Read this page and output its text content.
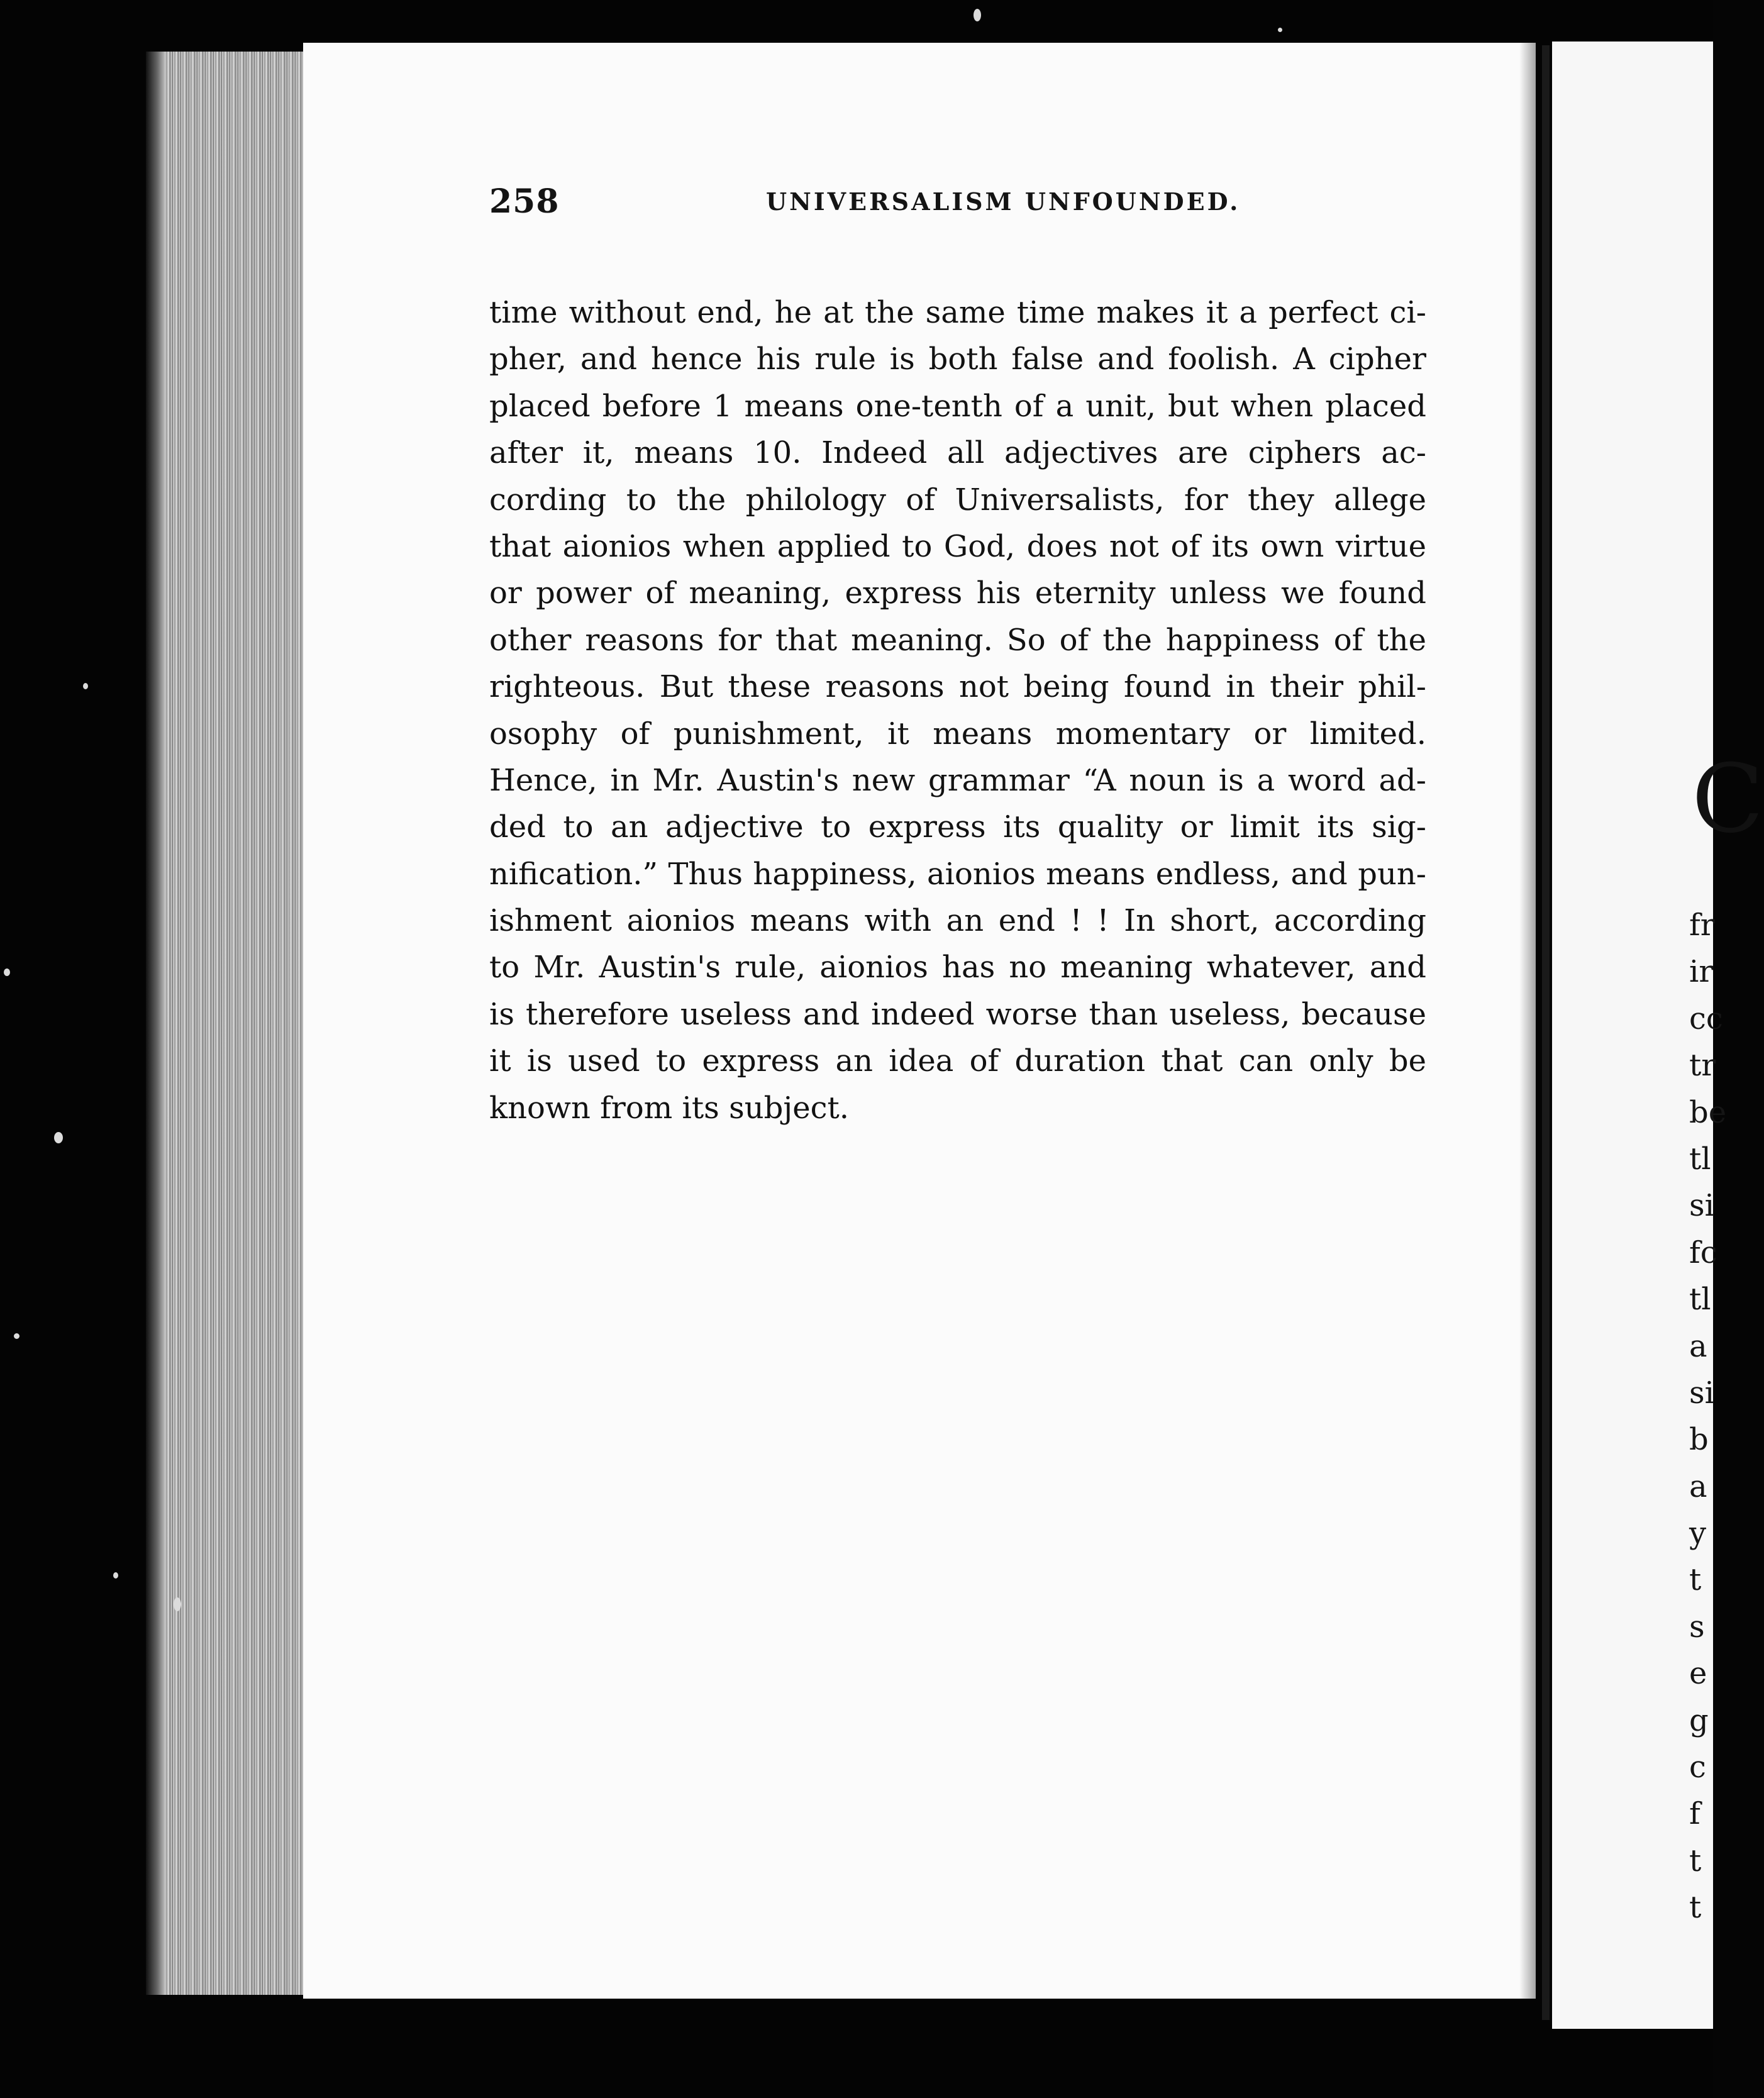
258	UNIVERSALISM UNFOUNDED.
time without end, he at the same time makes it a perfect ci-
pher, and hence his rule is both false and foolish. A cipher
placed before 1 means one-tenth of a unit, but when placed
after it, means 10. Indeed all adjectives are ciphers ac-
cording to the philology of Universalists, for they allege
that aionios when applied to God, does not of its own virtue
or power of meaning, express his eternity unless we found
other reasons for that meaning. So of the happiness of the
righteous. But these reasons not being found in their phil-
osophy of punishment, it means momentary or limited.
Hence, in Mr. Austin's new grammar “A noun is a word ad-
ded to an adjective to express its quality or limit its sig-
nification.” Thus happiness, aionios means endless, and pun-
ishment aionios means with an end ! ! In short, according
to Mr. Austin's rule, aionios has no meaning whatever, and
is therefore useless and indeed worse than useless, because
it is used to express an idea of duration that can only be
known from its subject.
C
fr
ir
cc
tr
be
tl
si
fc
tl
a
si
b
a
y
t
s
e
g
c
f
t
t
